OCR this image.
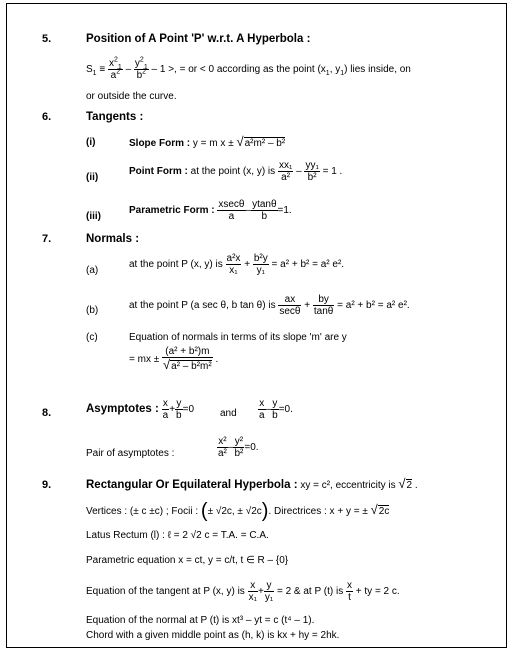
5.	Position of A Point 'P' w.r.t. A Hyperbola :
$S_1 \equiv \frac{x^2_1}{a^2} - \frac{y^2_1}{b^2} - 1$ >, = or < 0 according as the point ($x_1$, $y_1$) lies inside, on
or outside the curve.
6.	Tangents :
(i)	Slope Form : y = m x ± √a²m² – b²
(ii)
Point Form : at the point (x, y) is $\frac{\text{xx₁}}{\text{a²}} - \frac{\text{yy₁}}{\text{b²}} = 1$ .
(iii)
Parametric Form : $\frac{xsec\theta}{a} - \frac{ytan\theta}{b} =1$.
7.	Normals :
(a)
at the point P (x, y) is $\frac{\text{a²x}}{\text{x₁}} + \frac{\text{b²y}}{\text{y₁}} = a^2 + b^2 = a^2$ e².
(b)	at the point P (a sec θ, b tan θ) is $\frac{ax}{\sec\theta} + \frac{by}{\tan\theta} = a^2 + b^2 = a^2$ e².
(c)	Equation of normals in terms of its slope 'm' are y
= mx ± $\frac{\text{(a² + b²)m}}{\text{√a² – b²m²}}$ .
8.	Asymptotes : $\frac{x}{a} + \frac{y}{b} =0$	and $\frac{x}{a} - \frac{y}{b} =0$.
Pair of asymptotes :	$\frac{\text{x²}}{\text{a²}} - \frac{\text{y²}}{\text{b²}} =0$.
9.	Rectangular Or Equilateral Hyperbola : xy = c², eccentricity is √2 .
Vertices : (± c ±c) ; Focii : (± √2c, ± √2c). Directrices : x + y = ± √2c
Latus Rectum (l) : ℓ = 2 √2 c = T.A. = C.A.
Parametric equation x = ct, y = c/t, t ∈ R – {0}
Equation of the tangent at P (x, y) is $\frac{x}{\text{x₁}} + \frac{y}{\text{y₁}} = 2$ & at P (t) is $\frac{x}{t}$ + ty = 2 c.
Equation of the normal at P (t) is xt³ – yt = c (t⁴ – 1).
Chord with a given middle point as (h, k) is kx + hy = 2hk.
